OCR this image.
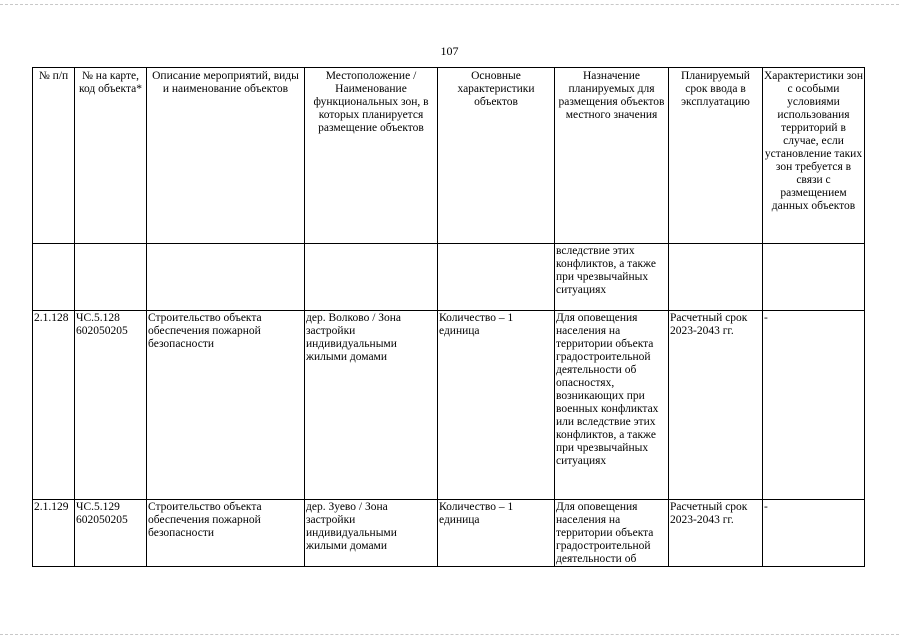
107
№ п/п	№ на карте, код объекта*	Описание мероприятий, виды и наименование объектов	Местоположение / Наименование функциональных зон, в которых планируется размещение объектов	Основные характеристики объектов	Назначение планируемых для размещения объектов местного значения	Планируемый срок ввода в эксплуатацию	Характеристики зон с особыми условиями использования территорий в случае, если установление таких зон требуется в связи с размещением данных объектов
					вследствие этих конфликтов, а также при чрезвычайных ситуациях		
2.1.128	ЧС.5.128 602050205	Строительство объекта обеспечения пожарной безопасности	дер. Волково / Зона застройки индивидуальными жилыми домами	Количество – 1 единица	Для оповещения населения на территории объекта градостроительной деятельности об опасностях, возникающих при военных конфликтах или вследствие этих конфликтов, а также при чрезвычайных ситуациях	Расчетный срок 2023-2043 гг.	-
2.1.129	ЧС.5.129 602050205	Строительство объекта обеспечения пожарной безопасности	дер. Зуево / Зона застройки индивидуальными жилыми домами	Количество – 1 единица	Для оповещения населения на территории объекта градостроительной деятельности об	Расчетный срок 2023-2043 гг.	-
